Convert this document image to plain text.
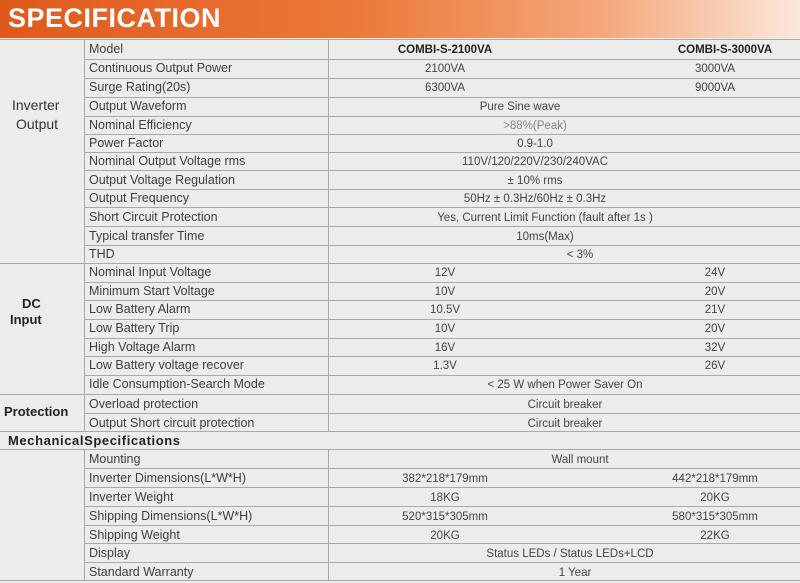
SPECIFICATION
Inverter
Output
DC
Input
Protection
MechanicalSpecifications
Model	COMBI-S-2100VA	COMBI-S-3000VA
Continuous Output Power	2100VA	3000VA
Surge Rating(20s)	6300VA	9000VA
Output Waveform	Pure Sine wave
Nominal Efficiency	>88%(Peak)
Power Factor	0.9-1.0
Nominal Output Voltage rms	110V/120/220V/230/240VAC
Output Voltage Regulation	± 10% rms
Output Frequency	50Hz ± 0.3Hz/60Hz ± 0.3Hz
Short Circuit Protection	Yes, Current Limit Function (fault after 1s )
Typical transfer Time	10ms(Max)
THD	< 3%
Nominal Input Voltage	12V	24V
Minimum Start Voltage	10V	20V
Low Battery Alarm	10.5V	21V
Low Battery Trip	10V	20V
High Voltage Alarm	16V	32V
Low Battery voltage recover	1.3V	26V
Idle Consumption-Search Mode	< 25 W when Power Saver On
Overload protection	Circuit breaker
Output Short circuit protection	Circuit breaker
Mounting	Wall mount
Inverter Dimensions(L*W*H)	382*218*179mm	442*218*179mm
Inverter Weight	18KG	20KG
Shipping Dimensions(L*W*H)	520*315*305mm	580*315*305mm
Shipping Weight	20KG	22KG
Display	Status LEDs / Status LEDs+LCD
Standard Warranty	1 Year
